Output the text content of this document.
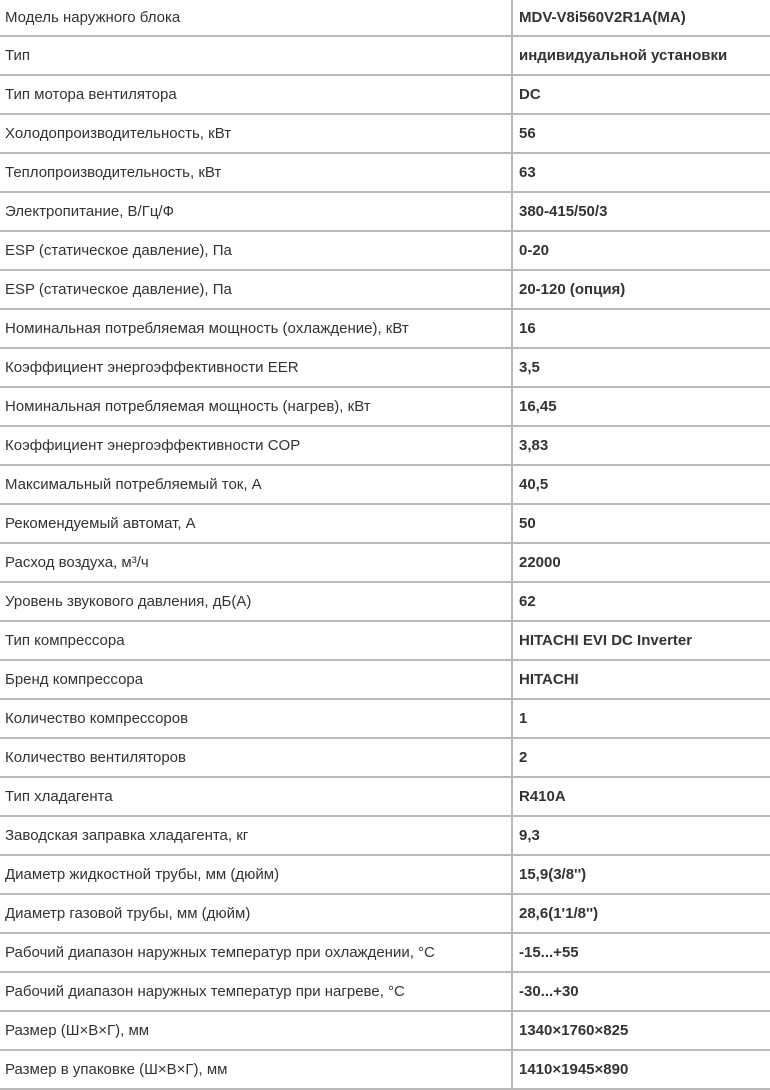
Модель наружного блока	MDV-V8i560V2R1A(MA)
Тип	индивидуальной установки
Тип мотора вентилятора	DC
Холодопроизводительность, кВт	56
Теплопроизводительность, кВт	63
Электропитание, В/Гц/Ф	380-415/50/3
ESP (статическое давление), Па	0-20
ESP (статическое давление), Па	20-120 (опция)
Номинальная потребляемая мощность (охлаждение), кВт	16
Коэффициент энергоэффективности EER	3,5
Номинальная потребляемая мощность (нагрев), кВт	16,45
Коэффициент энергоэффективности COP	3,83
Максимальный потребляемый ток, А	40,5
Рекомендуемый автомат, А	50
Расход воздуха, м³/ч	22000
Уровень звукового давления, дБ(А)	62
Тип компрессора	HITACHI EVI DC Inverter
Бренд компрессора	HITACHI
Количество компрессоров	1
Количество вентиляторов	2
Тип хладагента	R410A
Заводская заправка хладагента, кг	9,3
Диаметр жидкостной трубы, мм (дюйм)	15,9(3/8'')
Диаметр газовой трубы, мм (дюйм)	28,6(1'1/8'')
Рабочий диапазон наружных температур при охлаждении, °С	-15...+55
Рабочий диапазон наружных температур при нагреве, °С	-30...+30
Размер (Ш×В×Г), мм	1340×1760×825
Размер в упаковке (Ш×В×Г), мм	1410×1945×890
